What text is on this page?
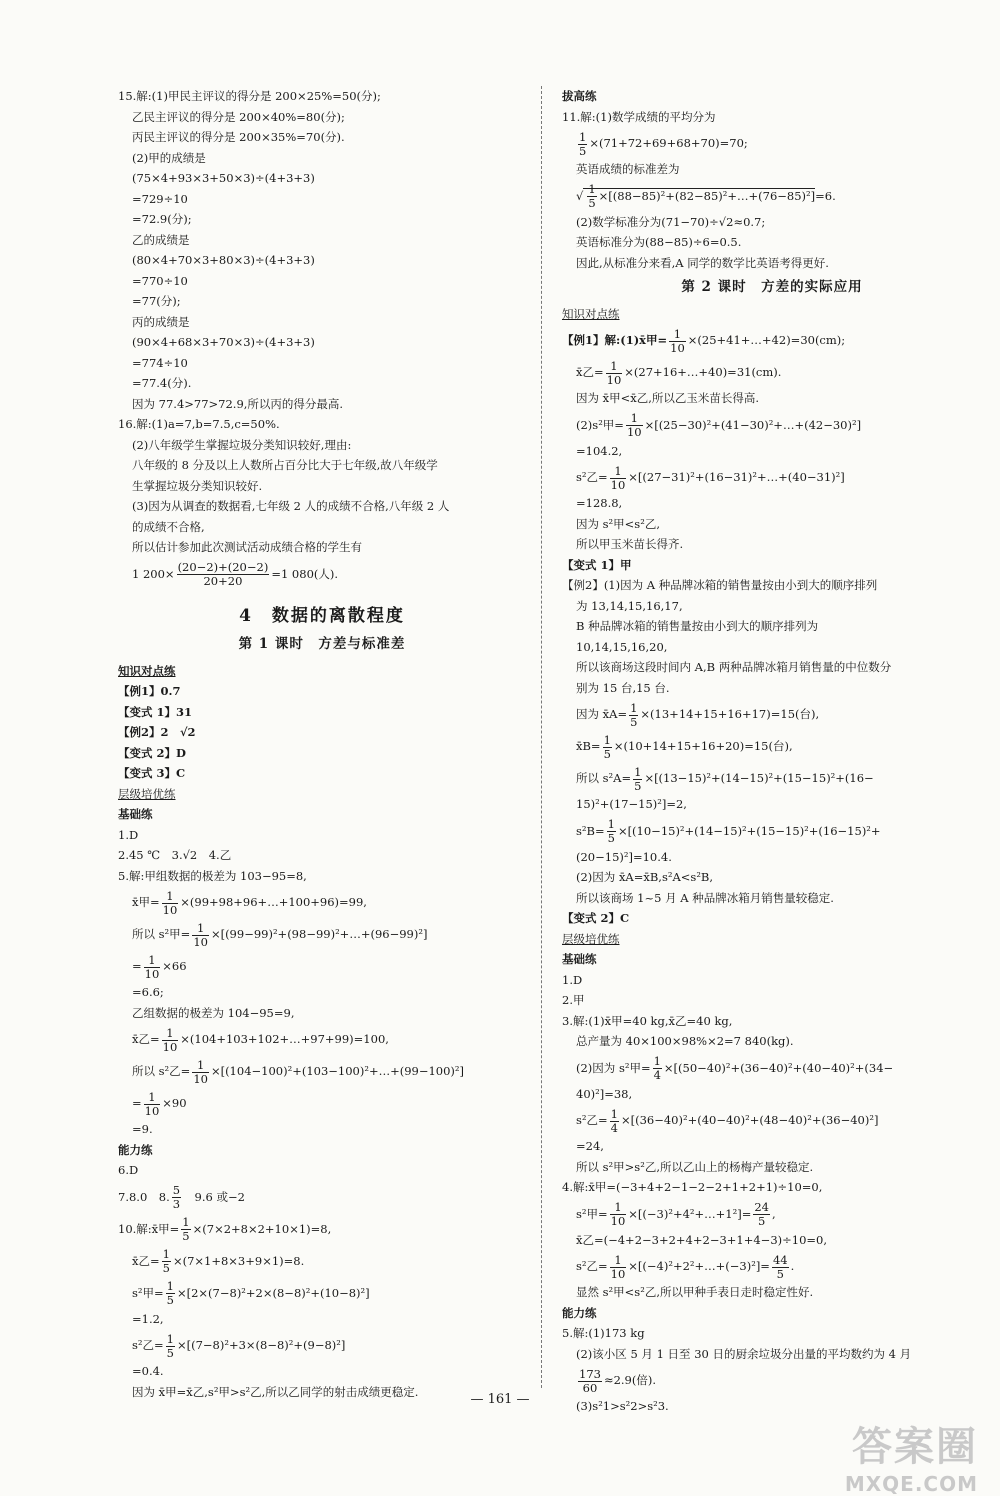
15.解:(1)甲民主评议的得分是 200×25%=50(分);
乙民主评议的得分是 200×40%=80(分);
丙民主评议的得分是 200×35%=70(分).
(2)甲的成绩是
(75×4+93×3+50×3)÷(4+3+3)
=729÷10
=72.9(分);
乙的成绩是
(80×4+70×3+80×3)÷(4+3+3)
=770÷10
=77(分);
丙的成绩是
(90×4+68×3+70×3)÷(4+3+3)
=774÷10
=77.4(分).
因为 77.4>77>72.9,所以丙的得分最高.
16.解:(1)a=7,b=7.5,c=50%.
(2)八年级学生掌握垃圾分类知识较好,理由:
八年级的 8 分及以上人数所占百分比大于七年级,故八年级学
生掌握垃圾分类知识较好.
(3)因为从调查的数据看,七年级 2 人的成绩不合格,八年级 2 人
的成绩不合格,
所以估计参加此次测试活动成绩合格的学生有
1 $200\times \frac{(20-2)+(20-2)}{20+20} =1$ 080(人).
4　数据的离散程度
第 1 课时　方差与标准差
知识对点练
【例1】0.7
【变式 1】31
【例2】2　√2
【变式 2】D
【变式 3】C
层级培优练
基础练
1.D
2.45 ℃　3.√2　4.乙
5.解:甲组数据的极差为 103−95=8,
x̄甲= $\frac{1}{10}$ ×(99+98+96+…+100+96)=99,
所以 s²甲= $\frac{1}{10}$ ×[(99−99)²+(98−99)²+…+(96−99)²]
= $\frac{1}{10} \times 66$
=6.6;
乙组数据的极差为 104−95=9,
x̄乙= $\frac{1}{10}$ ×(104+103+102+…+97+99)=100,
所以 s²乙= $\frac{1}{10}$ ×[(104−100)²+(103−100)²+…+(99−100)²]
= $\frac{1}{10} \times 90$
=9.
能力练
6.D
7.8.0　8. $\frac{5}{3}$ 　9.6 或−2
10.解:x̄甲= $\frac{1}{5} \times(7\times 2+8\times 2+10\times 1)=8$,
x̄乙= $\frac{1}{5} \times(7\times 1+8\times 3+9\times 1)=8$.
s²甲= $\frac{1}{5} \times[2\times(7-8)^2+2\times(8-8)^2+(10-8)^2]$
=1.2,
s²乙= $\frac{1}{5} \times[(7-8)^2+3\times(8-8)^2+(9-8)^2]$
=0.4.
因为 x̄甲=x̄乙,s²甲>s²乙,所以乙同学的射击成绩更稳定.
拔高练
11.解:(1)数学成绩的平均分为
$\frac{1}{5} \times(71+72+69+68+70)=70$;
英语成绩的标准差为
√ $\frac{1}{5}$ ×[(88−85)²+(82−85)²+…+(76−85)²]=6.
(2)数学标准分为(71−70)÷√2≈0.7;
英语标准分为(88−85)÷6=0.5.
因此,从标准分来看,A 同学的数学比英语考得更好.
第 2 课时　方差的实际应用
知识对点练
【例1】解:(1)x̄甲= $\frac{1}{10}$ ×(25+41+…+42)=30(cm);
x̄乙= $\frac{1}{10}$ ×(27+16+…+40)=31(cm).
因为 x̄甲<x̄乙,所以乙玉米苗长得高.
(2)s²甲= $\frac{1}{10}$ ×[(25−30)²+(41−30)²+…+(42−30)²]
=104.2,
s²乙= $\frac{1}{10}$ ×[(27−31)²+(16−31)²+…+(40−31)²]
=128.8,
因为 s²甲<s²乙,
所以甲玉米苗长得齐.
【变式 1】甲
【例2】(1)因为 A 种品牌冰箱的销售量按由小到大的顺序排列
为 13,14,15,16,17,
B 种品牌冰箱的销售量按由小到大的顺序排列为
10,14,15,16,20,
所以该商场这段时间内 A,B 两种品牌冰箱月销售量的中位数分
别为 15 台,15 台.
因为 x̄A= $\frac{1}{5} \times(13+14+15+16+17)=15$(台),
x̄B= $\frac{1}{5} \times(10+14+15+16+20)=15$(台),
所以 $s^2A= \frac{1}{5} \times[(13-15)^2+(14-15)^2+(15-15)^2+(16-$
15)²+(17−15)²]=2,
$s^2B= \frac{1}{5} \times[(10-15)^2+(14-15)^2+(15-15)^2+(16-15)^2+$
(20−15)²]=10.4.
(2)因为 x̄A=x̄B,s²A<s²B,
所以该商场 1~5 月 A 种品牌冰箱月销售量较稳定.
【变式 2】C
层级培优练
基础练
1.D
2.甲
3.解:(1)x̄甲=40 kg,x̄乙=40 kg,
总产量为 40×100×98%×2=7 840(kg).
(2)因为 s²甲= $\frac{1}{4} \times[(50-40)^2+(36-40)^2+(40-40)^2+(34-$
40)²]=38,
s²乙= $\frac{1}{4} \times[(36-40)^2+(40-40)^2+(48-40)^2+(36-40)^2]$
=24,
所以 s²甲>s²乙,所以乙山上的杨梅产量较稳定.
4.解:x̄甲=(−3+4+2−1−2−2+1+2+1)÷10=0,
s²甲= $\frac{1}{10}$ ×[(−3)²+4²+…+1²]= $\frac{24}{5}$ ,
x̄乙=(−4+2−3+2+4+2−3+1+4−3)÷10=0,
s²乙= $\frac{1}{10}$ ×[(−4)²+2²+…+(−3)²]= $\frac{44}{5}$ .
显然 s²甲<s²乙,所以甲种手表日走时稳定性好.
能力练
5.解:(1)173 kg
(2)该小区 5 月 1 日至 30 日的厨余垃圾分出量的平均数约为 4 月
$\frac{173}{60} \approx 2.9$(倍).
(3)s²1>s²2>s²3.
— 161 —
答案圈
MXQE.COM
